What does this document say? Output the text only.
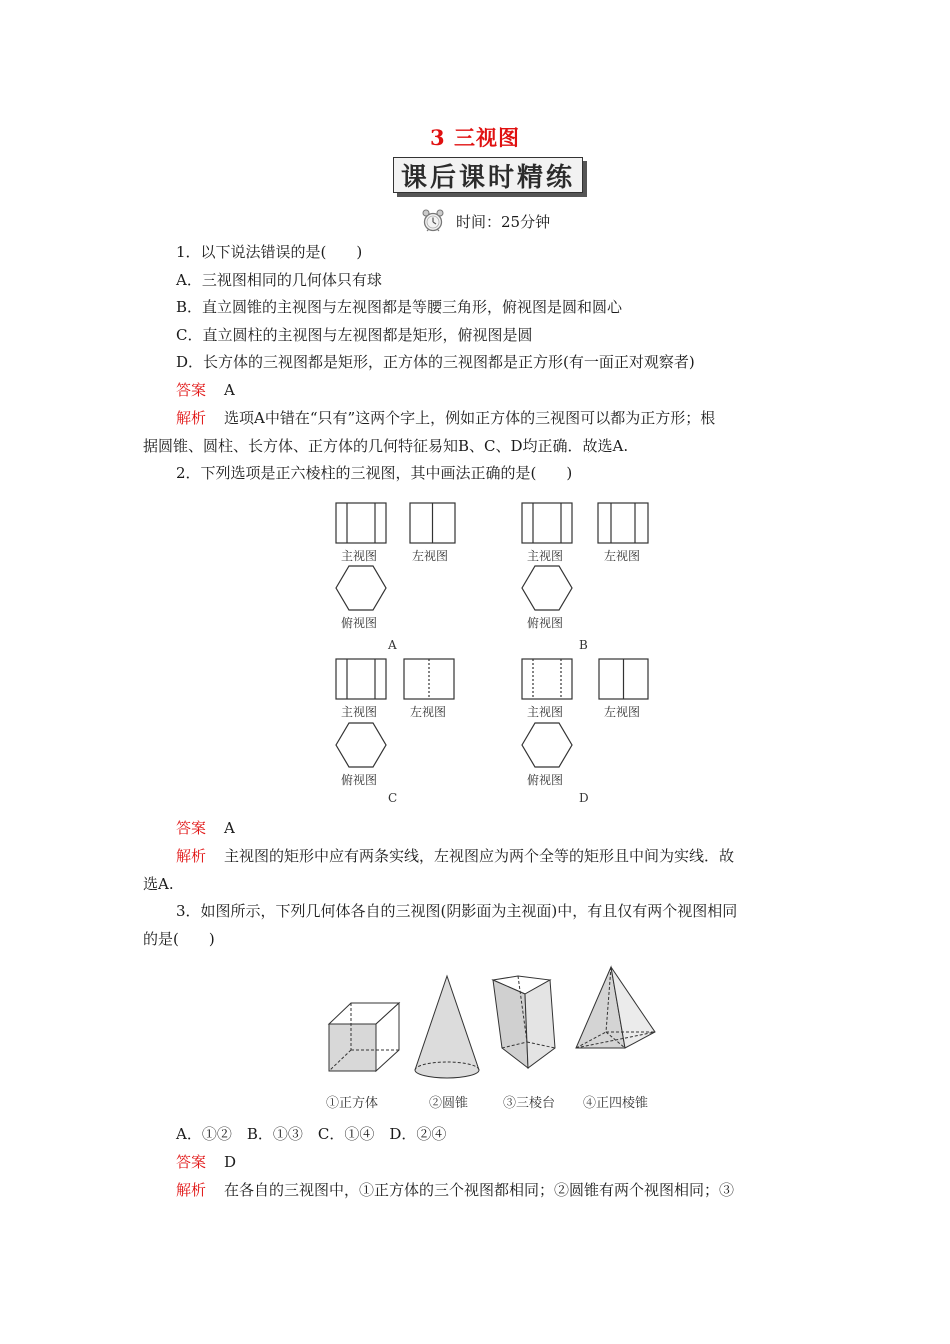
3 三视图
课后课时精练
时间：25分钟
1．以下说法错误的是(　　)
A．三视图相同的几何体只有球
B．直立圆锥的主视图与左视图都是等腰三角形，俯视图是圆和圆心
C．直立圆柱的主视图与左视图都是矩形，俯视图是圆
D．长方体的三视图都是矩形，正方体的三视图都是正方形(有一面正对观察者)
答案 A
解析 选项A中错在“只有”这两个字上，例如正方体的三视图可以都为正方形；根
据圆锥、圆柱、长方体、正方体的几何特征易知B、C、D均正确．故选A.
2．下列选项是正六棱柱的三视图，其中画法正确的是(　　)
主视图	左视图
俯视图
A
主视图	左视图
俯视图
B
主视图	左视图
俯视图
C
主视图	左视图
俯视图
D
答案 A
解析 主视图的矩形中应有两条实线，左视图应为两个全等的矩形且中间为实线．故
选A.
3．如图所示，下列几何体各自的三视图(阴影面为主视面)中，有且仅有两个视图相同
的是(　　)
①正方体	②圆锥	③三棱台 ④正四棱锥
A．①②　B．①③　C．①④　D．②④
答案 D
解析 在各自的三视图中，①正方体的三个视图都相同；②圆锥有两个视图相同；③
